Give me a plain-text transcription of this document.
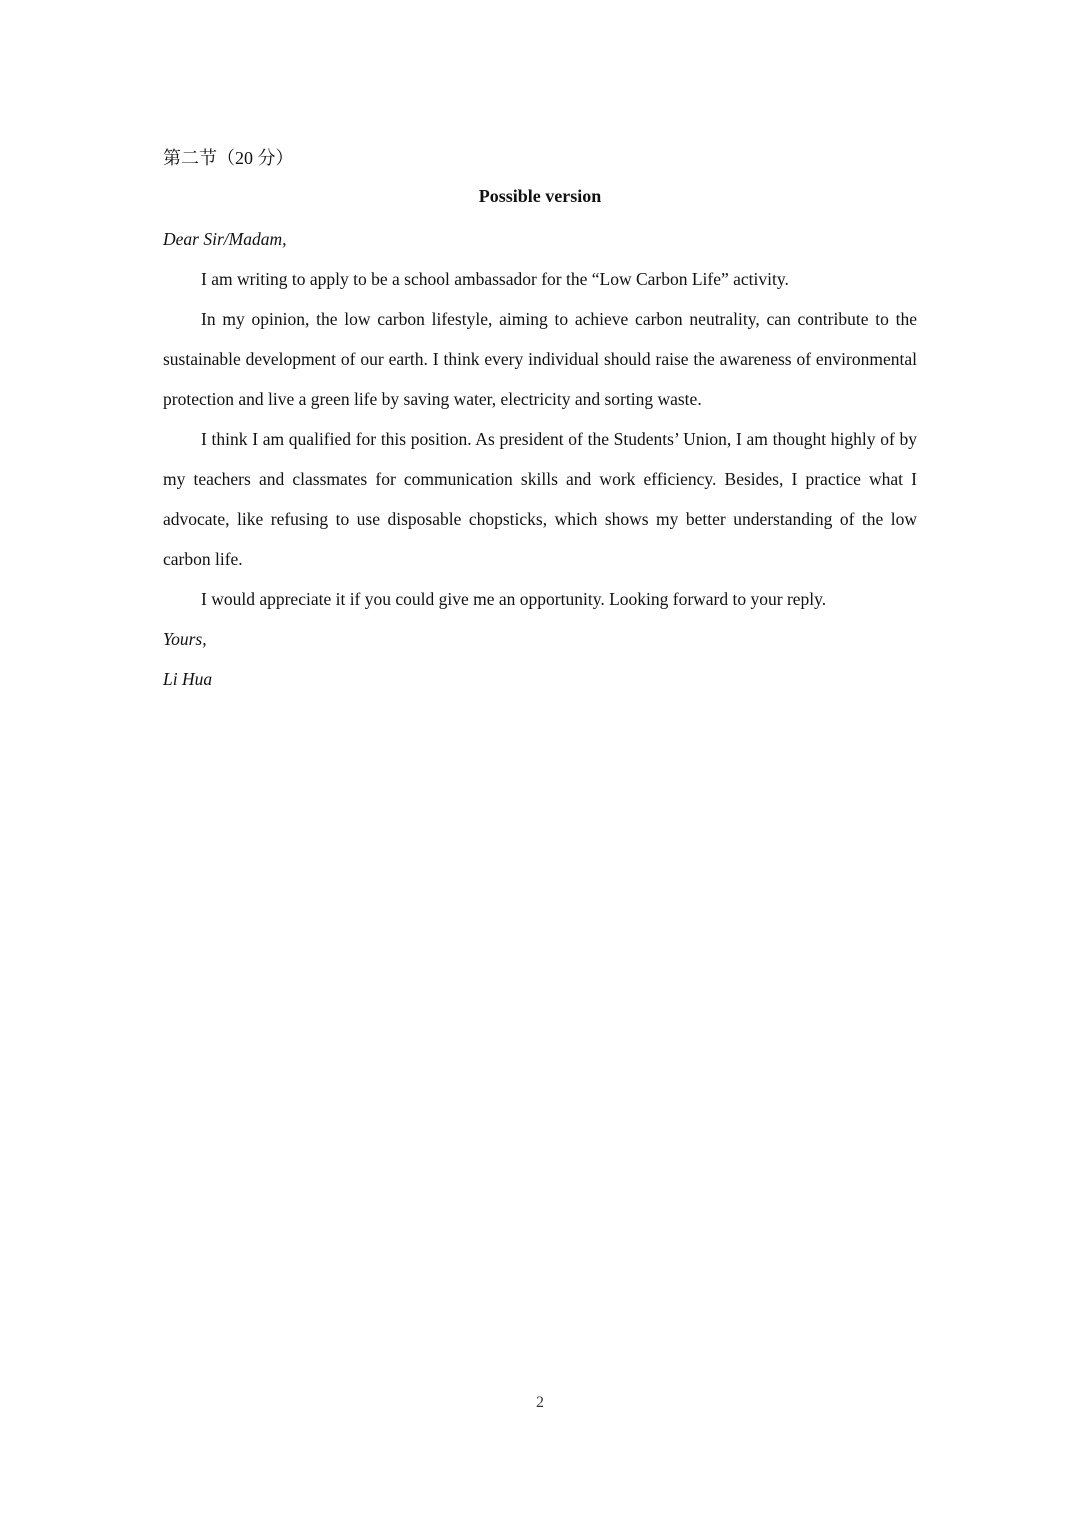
第二节（20 分）
Possible version
Dear Sir/Madam,

I am writing to apply to be a school ambassador for the “Low Carbon Life” activity.

In my opinion, the low carbon lifestyle, aiming to achieve carbon neutrality, can contribute to the sustainable development of our earth. I think every individual should raise the awareness of environmental protection and live a green life by saving water, electricity and sorting waste.

I think I am qualified for this position. As president of the Students’ Union, I am thought highly of by my teachers and classmates for communication skills and work efficiency. Besides, I practice what I advocate, like refusing to use disposable chopsticks, which shows my better understanding of the low carbon life.

I would appreciate it if you could give me an opportunity. Looking forward to your reply.

Yours,
Li Hua
2
